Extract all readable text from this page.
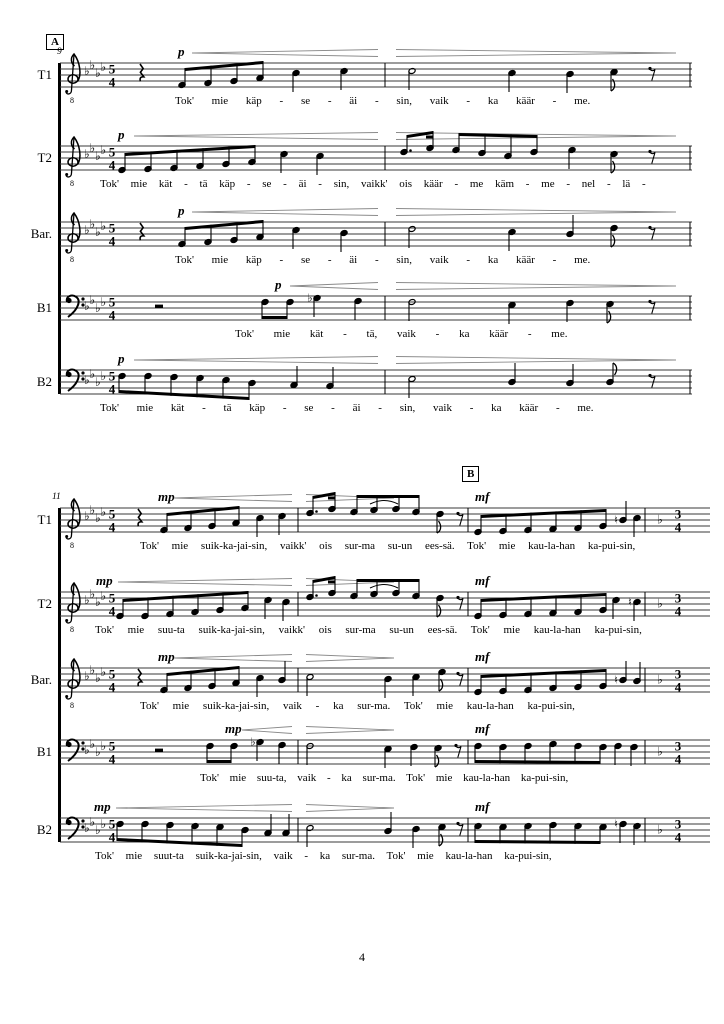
A
9
B
11
T1
8
♭ ♭
♭ ♭ 5
4
p
Tok' mie käp - se - äi - sin, vaik - ka käär - me.
T2
8
♭ ♭
♭ ♭ 5
4
p
Tok' mie kät - tä käp - se - äi - sin, vaikk' ois käär - me käm - me - nel - lä -
Bar.
8
♭ ♭
♭ ♭ 5
4
p
Tok' mie käp - se - äi - sin, vaik - ka käär - me.
B1	♭ ♭
♭ ♭ 5
4
p
♭
Tok' mie kät - tä, vaik - ka käär - me.
B2	♭ ♭
♭ ♭ 5
4
p
Tok' mie kät - tä käp - se - äi - sin, vaik - ka käär - me.
T1
8
♭ ♭
♭ ♭ 5
4
mp	mf
♮	♭ 3
4
Tok' mie suik-ka-jai-sin, vaikk' ois sur-ma su-un ees-sä. Tok' mie kau-la-han ka-pui-sin,
T2
8
♭ ♭
♭ ♭ 5
4
mp	mf
♮ ♭ 3
4
Tok' mie suu-ta suik-ka-jai-sin, vaikk' ois sur-ma su-un ees-sä. Tok' mie kau-la-han ka-pui-sin,
Bar.
8
♭ ♭
♭ ♭ 5
4
mp	mf
♮	♭ 3
4
Tok' mie suik-ka-jai-sin, vaik - ka sur-ma. Tok' mie kau-la-han ka-pui-sin,
B1	♭ ♭
♭ ♭ 5
4
mp	mf
♭
♭ 3
4
Tok' mie suu-ta, vaik - ka sur-ma. Tok' mie kau-la-han ka-pui-sin,
B2	♭ ♭
♭ ♭ 5
4
mp	mf
♮	♭ 3
4
Tok' mie suut-ta suik-ka-jai-sin, vaik - ka sur-ma. Tok' mie kau-la-han ka-pui-sin,
4
